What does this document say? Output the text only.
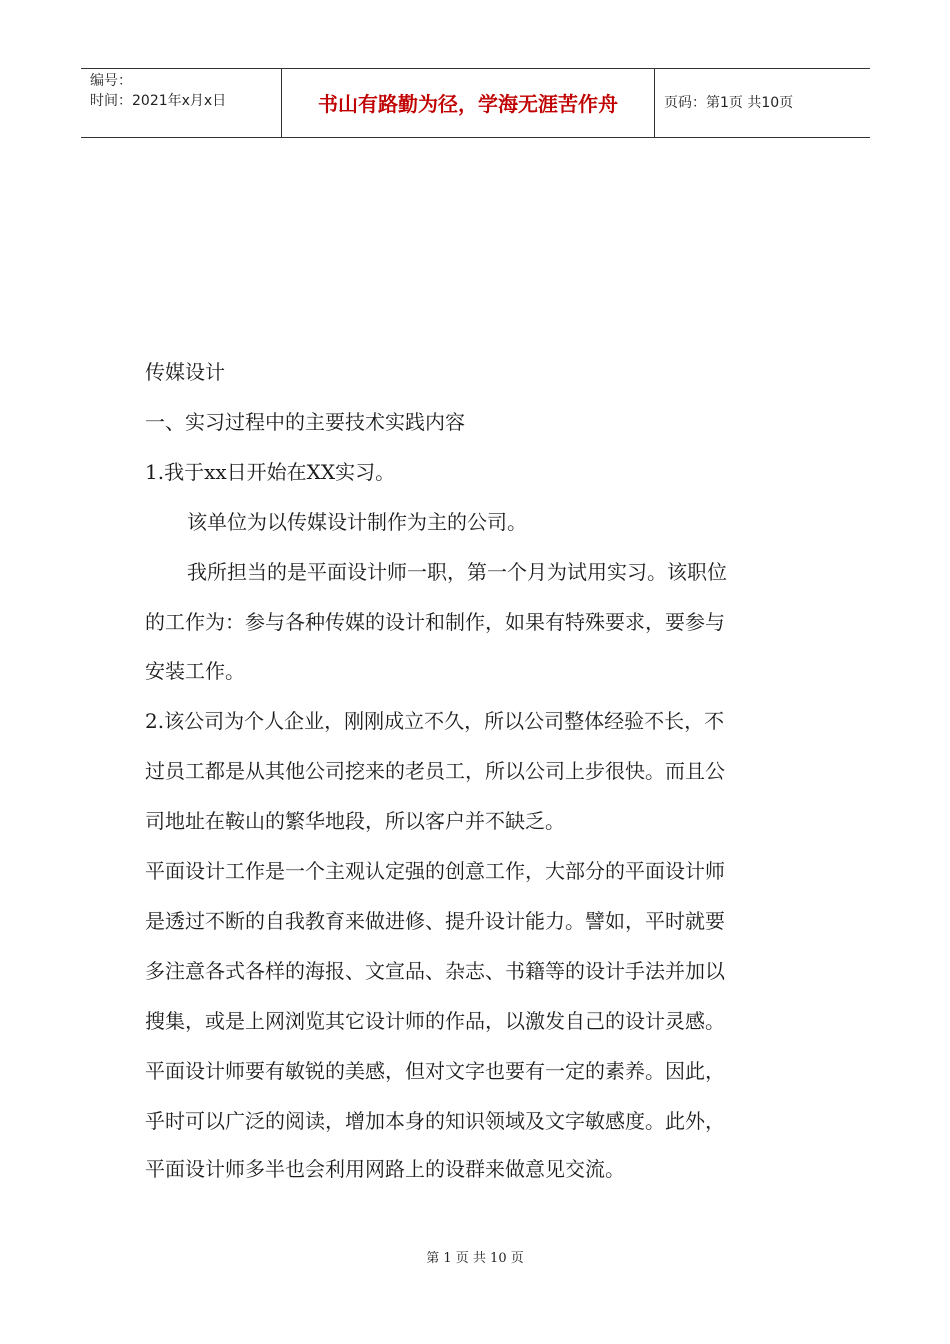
编号：
时间：2021年x月x日	书山有路勤为径，学海无涯苦作舟	页码：第1页 共10页
传媒设计
一、实习过程中的主要技术实践内容
1.我于xx日开始在XX实习。
该单位为以传媒设计制作为主的公司。
我所担当的是平面设计师一职，第一个月为试用实习。该职位
的工作为：参与各种传媒的设计和制作，如果有特殊要求，要参与
安装工作。
2.该公司为个人企业，刚刚成立不久，所以公司整体经验不长，不
过员工都是从其他公司挖来的老员工，所以公司上步很快。而且公
司地址在鞍山的繁华地段，所以客户并不缺乏。
平面设计工作是一个主观认定强的创意工作，大部分的平面设计师
是透过不断的自我教育来做进修、提升设计能力。譬如，平时就要
多注意各式各样的海报、文宣品、杂志、书籍等的设计手法并加以
搜集，或是上网浏览其它设计师的作品，以激发自己的设计灵感。
平面设计师要有敏锐的美感，但对文字也要有一定的素养。因此，
乎时可以广泛的阅读，增加本身的知识领域及文字敏感度。此外，
平面设计师多半也会利用网路上的设群来做意见交流。
第 1 页 共 10 页
